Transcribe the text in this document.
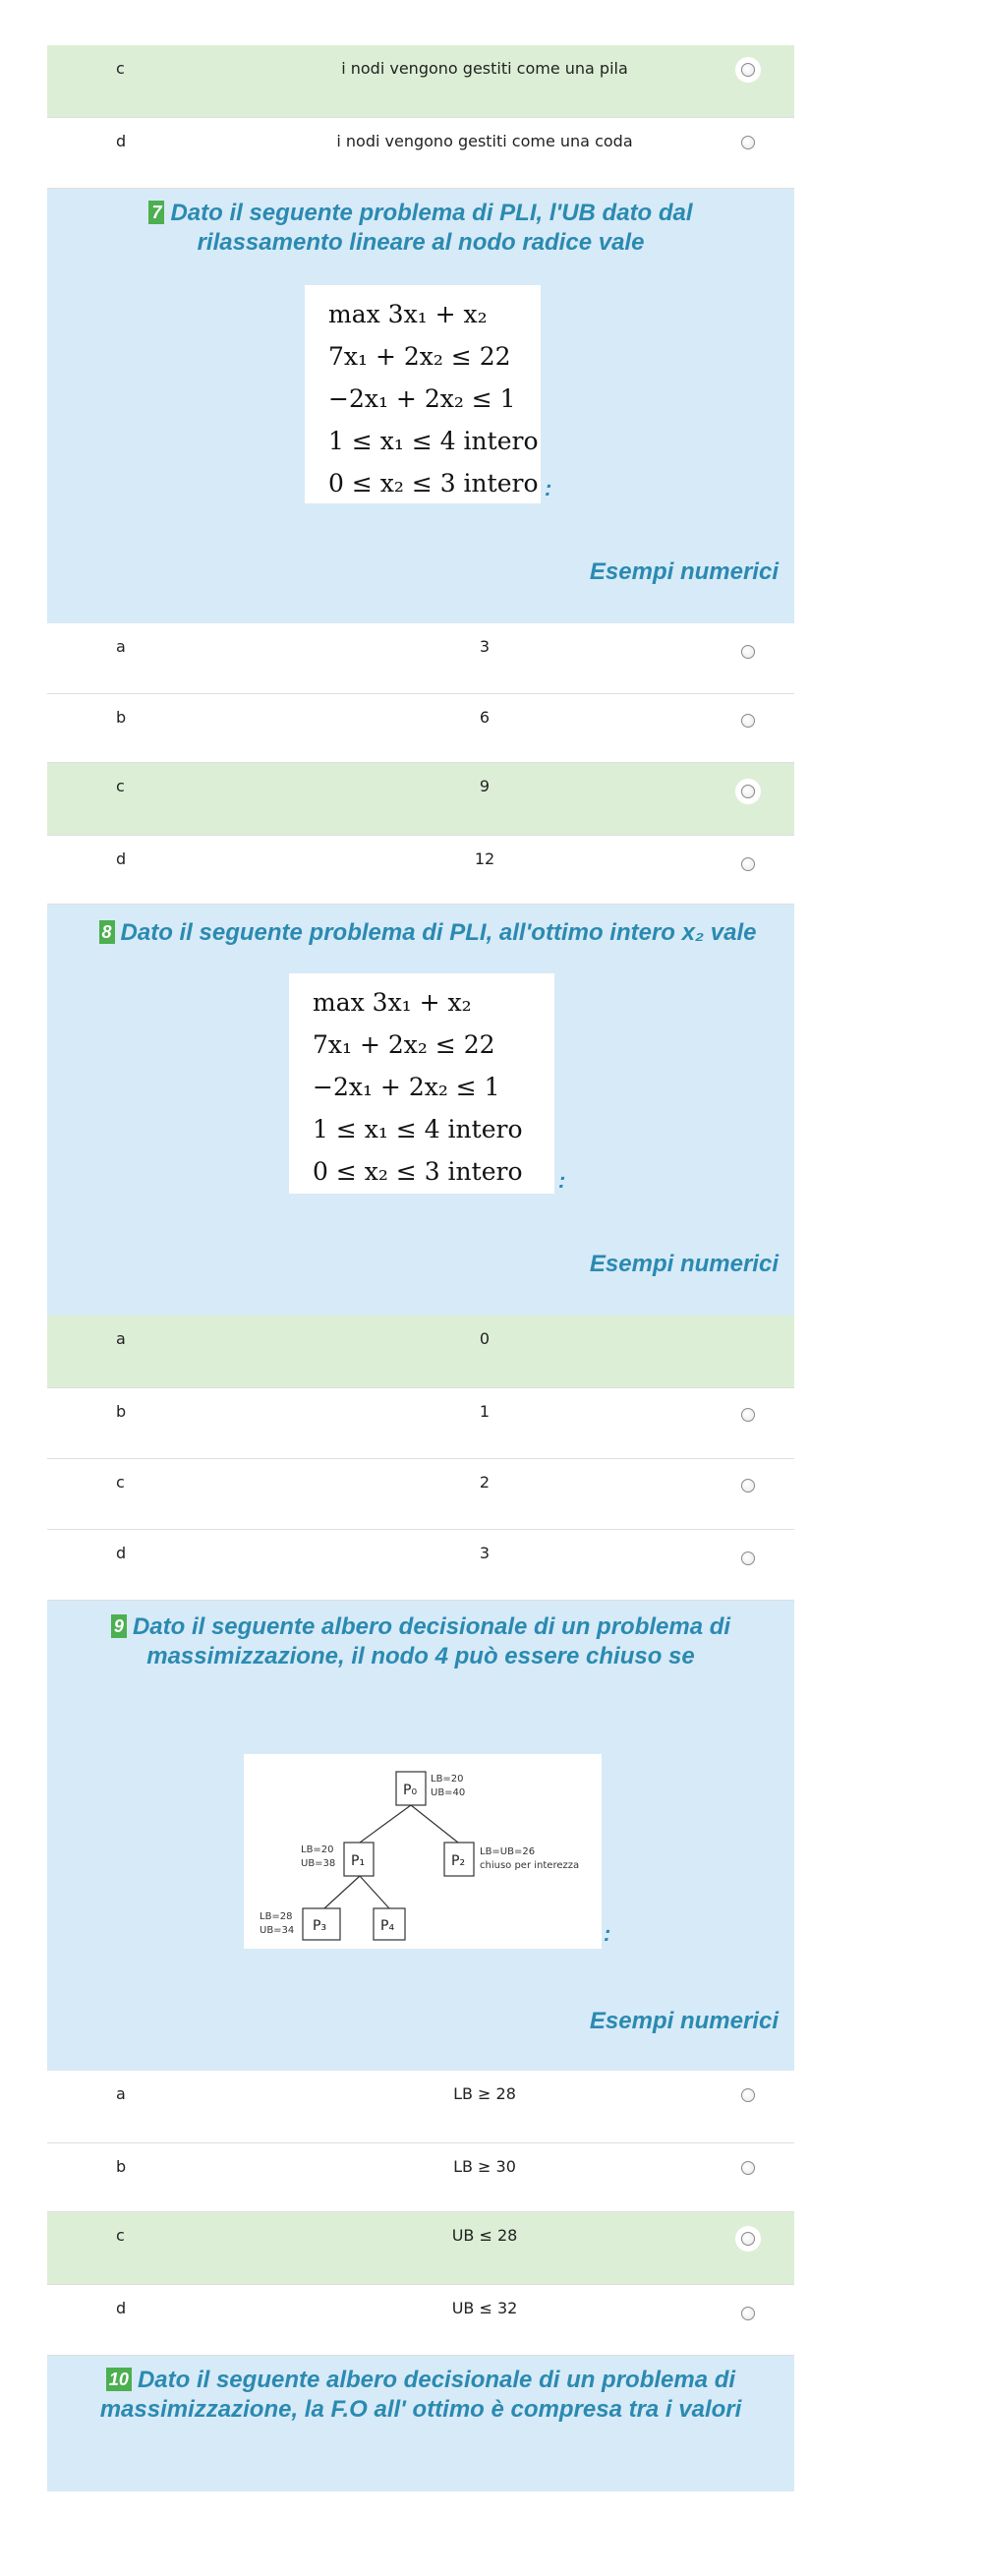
c	i nodi vengono gestiti come una pila
d	i nodi vengono gestiti come una coda
7 Dato il seguente problema di PLI, l'UB dato dal rilassamento lineare al nodo radice vale
max 3x₁ + x₂
7x₁ + 2x₂ ≤ 22
−2x₁ + 2x₂ ≤ 1
1 ≤ x₁ ≤ 4 intero
0 ≤ x₂ ≤ 3 intero :
Esempi numerici
a	3
b	6
c	9
d	12
8 Dato il seguente problema di PLI, all'ottimo intero x₂ vale
max 3x₁ + x₂
7x₁ + 2x₂ ≤ 22
−2x₁ + 2x₂ ≤ 1
1 ≤ x₁ ≤ 4 intero
0 ≤ x₂ ≤ 3 intero	:
Esempi numerici
a	0
b	1
c	2
d	3
9 Dato il seguente albero decisionale di un problema di massimizzazione, il nodo 4 può essere chiuso se
P₀
P₁	P₂
P₃	P₄
LB=20
UB=40
LB=20
UB=38
LB=UB=26
chiuso per interezza
LB=28
UB=34	:
Esempi numerici
a	LB ≥ 28
b	LB ≥ 30
c	UB ≤ 28
d	UB ≤ 32
10 Dato il seguente albero decisionale di un problema di massimizzazione, la F.O all' ottimo è compresa tra i valori
